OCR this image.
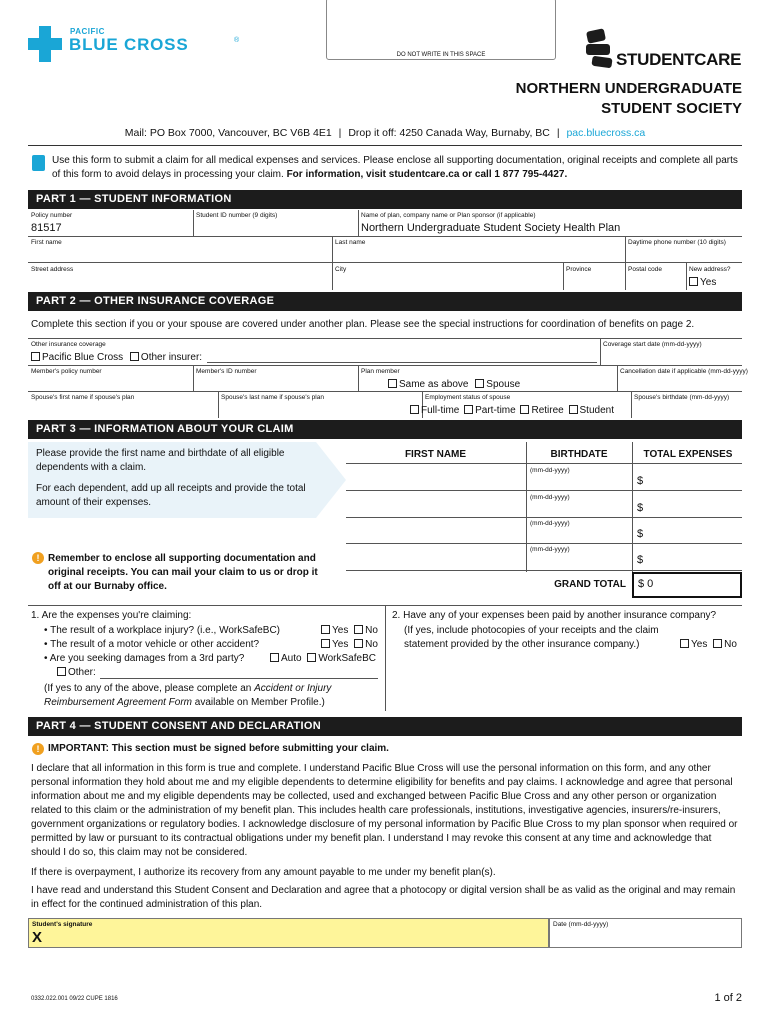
PACIFIC
BLUE CROSS	®
DO NOT WRITE IN THIS SPACE	STUDENTCARE
NORTHERN UNDERGRADUATE
STUDENT SOCIETY
Mail: PO Box 7000, Vancouver, BC V6B 4E1 | Drop it off: 4250 Canada Way, Burnaby, BC | pac.bluecross.ca
Use this form to submit a claim for all medical expenses and services. Please enclose all supporting documentation, original receipts and complete all parts of this form to avoid delays in processing your claim. For information, visit studentcare.ca or call 1 877 795-4427.
PART 1 — STUDENT INFORMATION
Policy number
81517
Student ID number (9 digits)	Name of plan, company name or Plan sponsor (if applicable)
Northern Undergraduate Student Society Health Plan
First name	Last name	Daytime phone number (10 digits)
Street address	City	Province	Postal code	New address?
Yes
PART 2 — OTHER INSURANCE COVERAGE
Complete this section if you or your spouse are covered under another plan. Please see the special instructions for coordination of benefits on page 2.
Other insurance coverage
Pacific Blue Cross Other insurer:
Coverage start date (mm-dd-yyyy)
Member's policy number	Member's ID number	Plan member
Same as above Spouse
Cancellation date if applicable (mm-dd-yyyy)
Spouse's first name if spouse's plan	Spouse's last name if spouse's plan	Employment status of spouse
Full-time Part-time Retiree Student
Spouse's birthdate (mm-dd-yyyy)
PART 3 — INFORMATION ABOUT YOUR CLAIM
Please provide the first name and birthdate of all eligible dependents with a claim.
For each dependent, add up all receipts and provide the total amount of their expenses.
FIRST NAME	BIRTHDATE	TOTAL EXPENSES
(mm-dd-yyyy)
$
(mm-dd-yyyy)
$
(mm-dd-yyyy)
$
(mm-dd-yyyy)
$
! Remember to enclose all supporting documentation and original receipts. You can mail your claim to us or drop it off at our Burnaby office.	GRAND TOTAL $ 0
1. Are the expenses you're claiming:
• The result of a workplace injury? (i.e., WorkSafeBC)	Yes No
• The result of a motor vehicle or other accident?	Yes No
• Are you seeking damages from a 3rd party?	Auto WorkSafeBC
Other:
(If yes to any of the above, please complete an Accident or Injury Reimbursement Agreement Form available on Member Profile.)
2. Have any of your expenses been paid by another insurance company?
(If yes, include photocopies of your receipts and the claim statement provided by the other insurance company.)	Yes No
PART 4 — STUDENT CONSENT AND DECLARATION
! IMPORTANT: This section must be signed before submitting your claim.
I declare that all information in this form is true and complete. I understand Pacific Blue Cross will use the personal information on this form, and any other personal information they hold about me and my eligible dependents to determine eligibility for benefits and pay claims. I acknowledge and agree that personal information about me and my eligible dependents may be collected, used and exchanged between Pacific Blue Cross and any other person or organization related to this claim or the administration of my benefit plan. This includes health care professionals, institutions, investigative agencies, insurers/re-insurers, government organizations or regulatory bodies. I acknowledge disclosure of my personal information by Pacific Blue Cross to my plan sponsor when required or permitted by law or pursuant to its contractual obligations under my benefit plan. I understand I may revoke this consent at any time and acknowledge that should I do so, this claim may not be considered.
If there is overpayment, I authorize its recovery from any amount payable to me under my benefit plan(s).
I have read and understand this Student Consent and Declaration and agree that a photocopy or digital version shall be as valid as the original and may remain in effect for the continued administration of this plan.
Student's signature
X
Date (mm-dd-yyyy)
0332.022.001 09/22 CUPE 1816	1 of 2
